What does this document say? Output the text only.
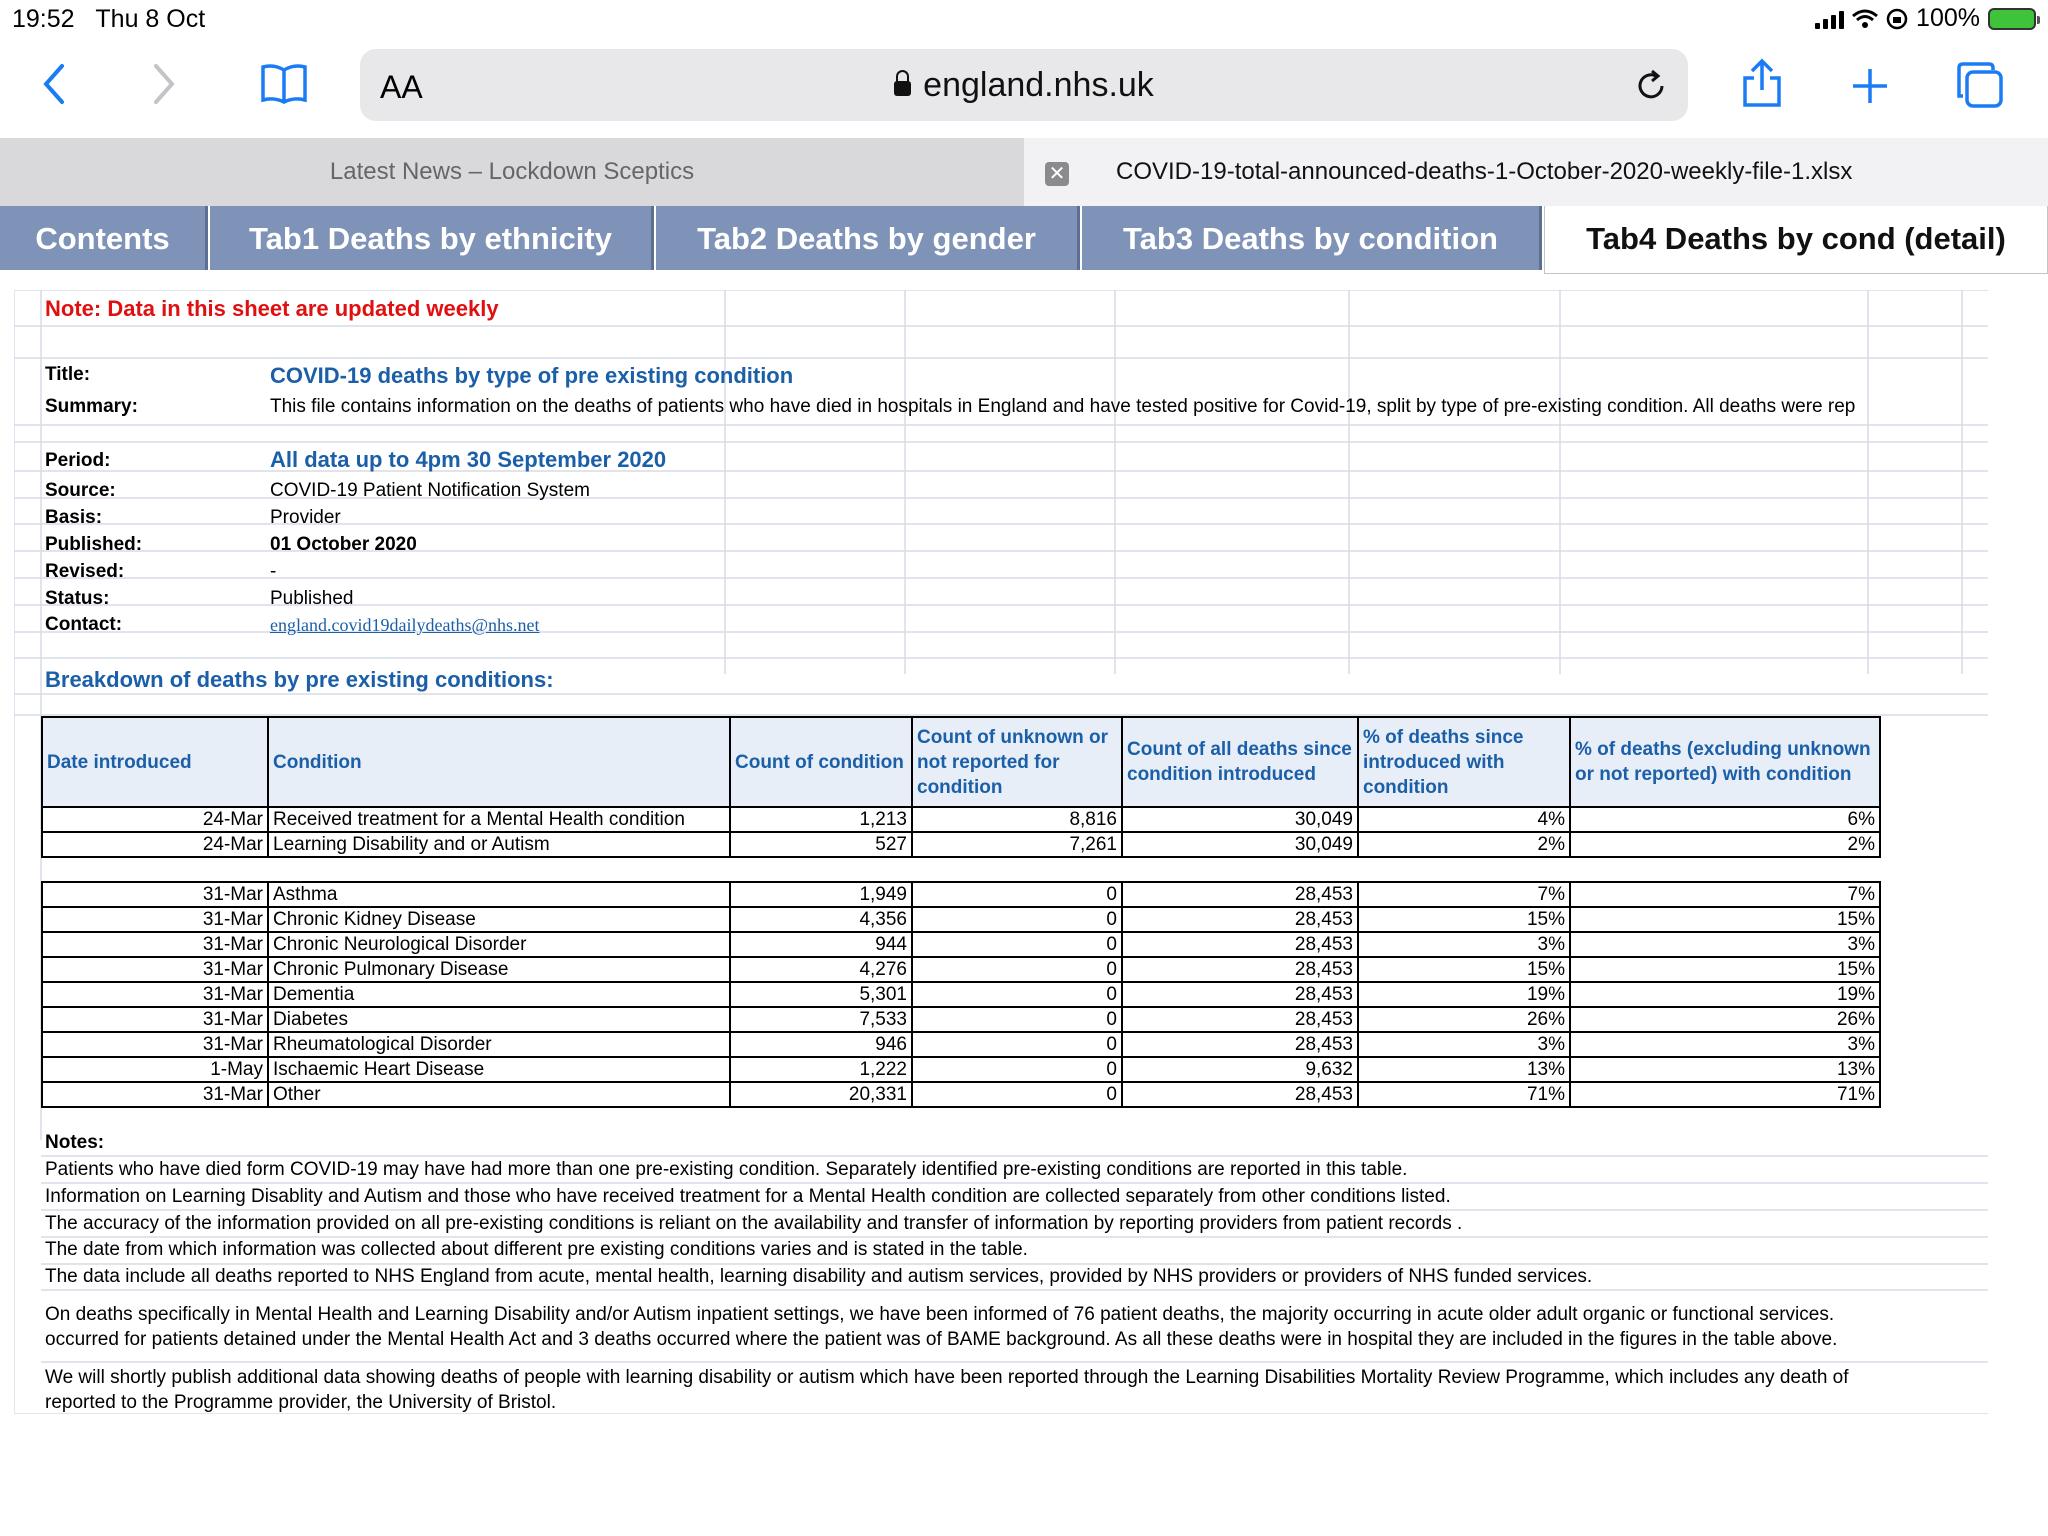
19:52 Thu 8 Oct	100%
AA	england.nhs.uk
Latest News – Lockdown Sceptics	✕ COVID-19-total-announced-deaths-1-October-2020-weekly-file-1.xlsx
Contents	Tab1 Deaths by ethnicity	Tab2 Deaths by gender	Tab3 Deaths by condition	Tab4 Deaths by cond (detail)
Note: Data in this sheet are updated weekly
Title:	COVID-19 deaths by type of pre existing condition
Summary:	This file contains information on the deaths of patients who have died in hospitals in England and have tested positive for Covid-19, split by type of pre-existing condition. All deaths were rep
Period:	All data up to 4pm 30 September 2020
Source:	COVID-19 Patient Notification System
Basis:	Provider
Published:	01 October 2020
Revised:	-
Status:	Published
Contact:	england.covid19dailydeaths@nhs.net
Breakdown of deaths by pre existing conditions:
Date introduced	Condition	Count of condition	Count of unknown or not reported for condition	Count of all deaths since condition introduced	% of deaths since introduced with condition	% of deaths (excluding unknown or not reported) with condition
24-Mar	Received treatment for a Mental Health condition	1,213	8,816	30,049	4%	6%
24-Mar	Learning Disability and or Autism	527	7,261	30,049	2%	2%

31-Mar	Asthma	1,949	0	28,453	7%	7%
31-Mar	Chronic Kidney Disease	4,356	0	28,453	15%	15%
31-Mar	Chronic Neurological Disorder	944	0	28,453	3%	3%
31-Mar	Chronic Pulmonary Disease	4,276	0	28,453	15%	15%
31-Mar	Dementia	5,301	0	28,453	19%	19%
31-Mar	Diabetes	7,533	0	28,453	26%	26%
31-Mar	Rheumatological Disorder	946	0	28,453	3%	3%
1-May	Ischaemic Heart Disease	1,222	0	9,632	13%	13%
31-Mar	Other	20,331	0	28,453	71%	71%
Notes:
Patients who have died form COVID-19 may have had more than one pre-existing condition. Separately identified pre-existing conditions are reported in this table.
Information on Learning Disablity and Autism and those who have received treatment for a Mental Health condition are collected separately from other conditions listed.
The accuracy of the information provided on all pre-existing conditions is reliant on the availability and transfer of information by reporting providers from patient records .
The date from which information was collected about different pre existing conditions varies and is stated in the table.
The data include all deaths reported to NHS England from acute, mental health, learning disability and autism services, provided by NHS providers or providers of NHS funded services.
On deaths specifically in Mental Health and Learning Disability and/or Autism inpatient settings, we have been informed of 76 patient deaths, the majority occurring in acute older adult organic or functional services.
occurred for patients detained under the Mental Health Act and 3 deaths occurred where the patient was of BAME background. As all these deaths were in hospital they are included in the figures in the table above.
We will shortly publish additional data showing deaths of people with learning disability or autism which have been reported through the Learning Disabilities Mortality Review Programme, which includes any death of
reported to the Programme provider, the University of Bristol.
